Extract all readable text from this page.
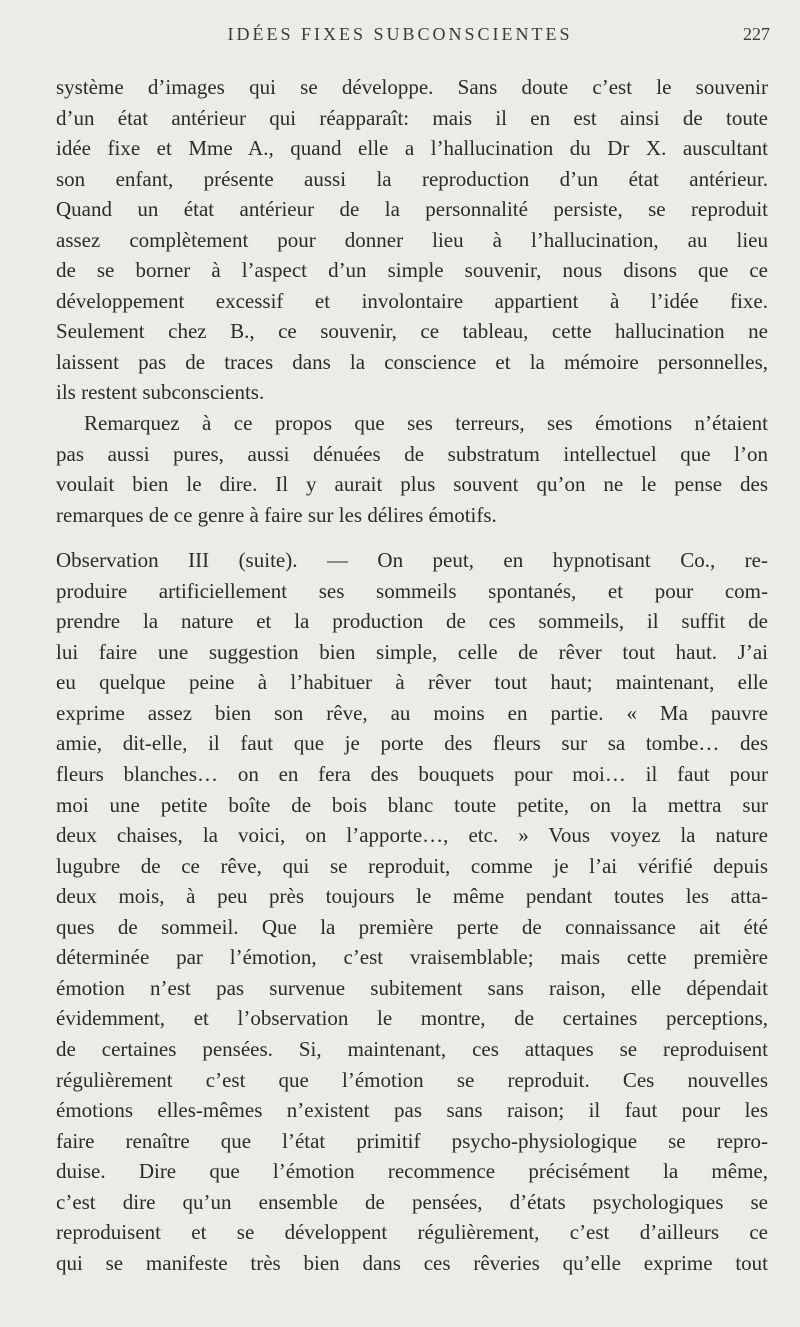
IDÉES FIXES SUBCONSCIENTES	227
système d’images qui se développe. Sans doute c’est le souvenir
d’un état antérieur qui réapparaît: mais il en est ainsi de toute
idée fixe et Mme A., quand elle a l’hallucination du Dr X. auscultant
son enfant, présente aussi la reproduction d’un état antérieur.
Quand un état antérieur de la personnalité persiste, se reproduit
assez complètement pour donner lieu à l’hallucination, au lieu
de se borner à l’aspect d’un simple souvenir, nous disons que ce
développement excessif et involontaire appartient à l’idée fixe.
Seulement chez B., ce souvenir, ce tableau, cette hallucination ne
laissent pas de traces dans la conscience et la mémoire personnelles,
ils restent subconscients.
Remarquez à ce propos que ses terreurs, ses émotions n’étaient
pas aussi pures, aussi dénuées de substratum intellectuel que l’on
voulait bien le dire. Il y aurait plus souvent qu’on ne le pense des
remarques de ce genre à faire sur les délires émotifs.
Observation III (suite). — On peut, en hypnotisant Co., re-
produire artificiellement ses sommeils spontanés, et pour com-
prendre la nature et la production de ces sommeils, il suffit de
lui faire une suggestion bien simple, celle de rêver tout haut. J’ai
eu quelque peine à l’habituer à rêver tout haut; maintenant, elle
exprime assez bien son rêve, au moins en partie. « Ma pauvre
amie, dit-elle, il faut que je porte des fleurs sur sa tombe… des
fleurs blanches… on en fera des bouquets pour moi… il faut pour
moi une petite boîte de bois blanc toute petite, on la mettra sur
deux chaises, la voici, on l’apporte…, etc. » Vous voyez la nature
lugubre de ce rêve, qui se reproduit, comme je l’ai vérifié depuis
deux mois, à peu près toujours le même pendant toutes les atta-
ques de sommeil. Que la première perte de connaissance ait été
déterminée par l’émotion, c’est vraisemblable; mais cette première
émotion n’est pas survenue subitement sans raison, elle dépendait
évidemment, et l’observation le montre, de certaines perceptions,
de certaines pensées. Si, maintenant, ces attaques se reproduisent
régulièrement c’est que l’émotion se reproduit. Ces nouvelles
émotions elles-mêmes n’existent pas sans raison; il faut pour les
faire renaître que l’état primitif psycho-physiologique se repro-
duise. Dire que l’émotion recommence précisément la même,
c’est dire qu’un ensemble de pensées, d’états psychologiques se
reproduisent et se développent régulièrement, c’est d’ailleurs ce
qui se manifeste très bien dans ces rêveries qu’elle exprime tout
